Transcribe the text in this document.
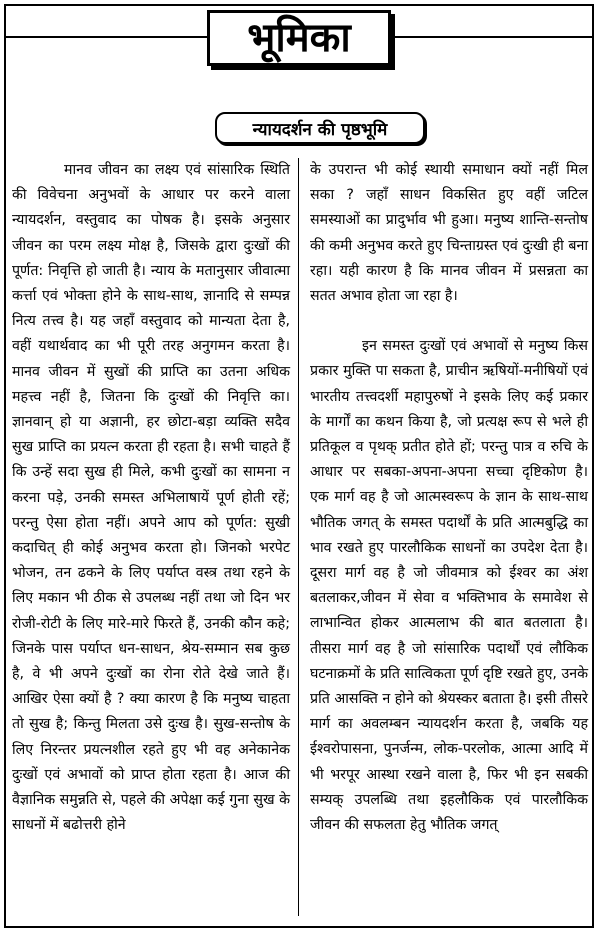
भूमिका
न्यायदर्शन की पृष्ठभूमि

मानव जीवन का लक्ष्य एवं सांसारिक स्थिति की विवेचना अनुभवों के आधार पर करने वाला न्यायदर्शन, वस्तुवाद का पोषक है। इसके अनुसार जीवन का परम लक्ष्य मोक्ष है, जिसके द्वारा दुःखों की पूर्णत: निवृत्ति हो जाती है। न्याय के मतानुसार जीवात्मा कर्त्ता एवं भोक्ता होने के साथ-साथ, ज्ञानादि से सम्पन्न नित्य तत्त्व है। यह जहाँ वस्तुवाद को मान्यता देता है, वहीं यथार्थवाद का भी पूरी तरह अनुगमन करता है। मानव जीवन में सुखों की प्राप्ति का उतना अधिक महत्त्व नहीं है, जितना कि दुःखों की निवृत्ति का। ज्ञानवान् हो या अज्ञानी, हर छोटा-बड़ा व्यक्ति सदैव सुख प्राप्ति का प्रयत्न करता ही रहता है। सभी चाहते हैं कि उन्हें सदा सुख ही मिले, कभी दुःखों का सामना न करना पड़े, उनकी समस्त अभिलाषायें पूर्ण होती रहें; परन्तु ऐसा होता नहीं। अपने आप को पूर्णत: सुखी कदाचित् ही कोई अनुभव करता हो। जिनको भरपेट भोजन, तन ढकने के लिए पर्याप्त वस्त्र तथा रहने के लिए मकान भी ठीक से उपलब्ध नहीं तथा जो दिन भर रोजी-रोटी के लिए मारे-मारे फिरते हैं, उनकी कौन कहे; जिनके पास पर्याप्त धन-साधन, श्रेय-सम्मान सब कुछ है, वे भी अपने दुःखों का रोना रोते देखे जाते हैं। आखिर ऐसा क्यों है ? क्या कारण है कि मनुष्य चाहता तो सुख है; किन्तु मिलता उसे दुःख है। सुख-सन्तोष के लिए निरन्तर प्रयत्नशील रहते हुए भी वह अनेकानेक दुःखों एवं अभावों को प्राप्त होता रहता है। आज की वैज्ञानिक समुन्नति से, पहले की अपेक्षा कई गुना सुख के साधनों में बढोत्तरी होने

के उपरान्त भी कोई स्थायी समाधान क्यों नहीं मिल सका ? जहाँ साधन विकसित हुए वहीं जटिल समस्याओं का प्रादुर्भाव भी हुआ। मनुष्य शान्ति-सन्तोष की कमी अनुभव करते हुए चिन्ताग्रस्त एवं दुःखी ही बना रहा। यही कारण है कि मानव जीवन में प्रसन्नता का सतत अभाव होता जा रहा है।

इन समस्त दुःखों एवं अभावों से मनुष्य किस प्रकार मुक्ति पा सकता है, प्राचीन ऋषियों-मनीषियों एवं भारतीय तत्त्वदर्शी महापुरुषों ने इसके लिए कई प्रकार के मार्गों का कथन किया है, जो प्रत्यक्ष रूप से भले ही प्रतिकूल व पृथक् प्रतीत होते हों; परन्तु पात्र व रुचि के आधार पर सबका-अपना-अपना सच्चा दृष्टिकोण है। एक मार्ग वह है जो आत्मस्वरूप के ज्ञान के साथ-साथ भौतिक जगत् के समस्त पदार्थों के प्रति आत्मबुद्धि का भाव रखते हुए पारलौकिक साधनों का उपदेश देता है। दूसरा मार्ग वह है जो जीवमात्र को ईश्वर का अंश बतलाकर,जीवन में सेवा व भक्तिभाव के समावेश से लाभान्वित होकर आत्मलाभ की बात बतलाता है। तीसरा मार्ग वह है जो सांसारिक पदार्थों एवं लौकिक घटनाक्रमों के प्रति सात्विकता पूर्ण दृष्टि रखते हुए, उनके प्रति आसक्ति न होने को श्रेयस्कर बताता है। इसी तीसरे मार्ग का अवलम्बन न्यायदर्शन करता है, जबकि यह ईश्वरोपासना, पुनर्जन्म, लोक-परलोक, आत्मा आदि में भी भरपूर आस्था रखने वाला है, फिर भी इन सबकी सम्यक् उपलब्धि तथा इहलौकिक एवं पारलौकिक जीवन की सफलता हेतु भौतिक जगत्
